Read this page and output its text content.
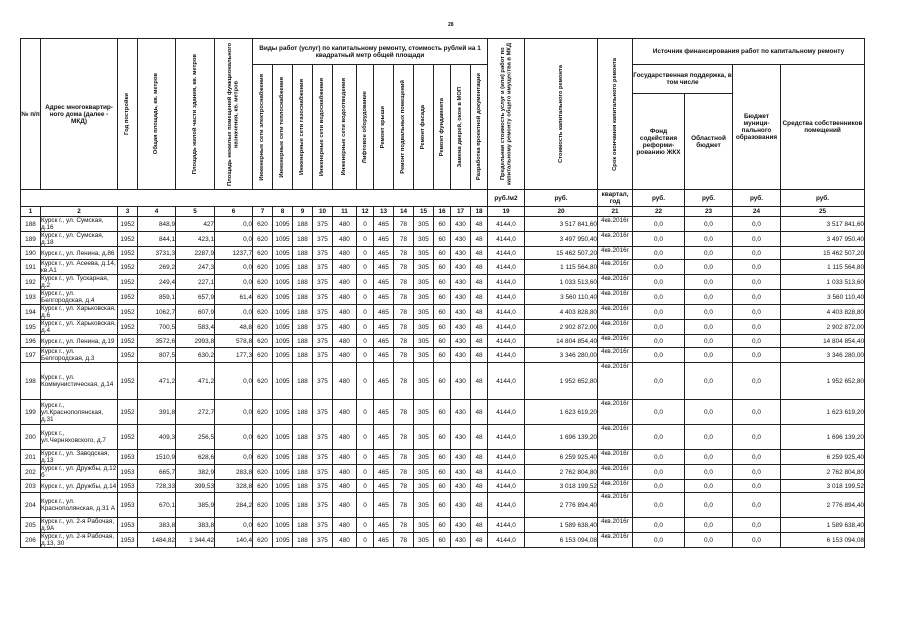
28
№ п/п	Адрес многоквартир-ного дома (далее - МКД)	Год постройки	Общая площадь, кв. метров	Площадь жилой части здания, кв. метров	Площадь нежилых помещений функционального назначения, кв. метров	Виды работ (услуг) по капитальному ремонту, стоимость рублей на 1 квадратный метр общей площади												Предельная стоимость услуг и (или) работ по капитальному ремонту общего имущества в МКД	Стоимость капитального ремонта	Срок окончания капитального ремонта	Источник финансирования работ по капитальному ремонту			

						Инженерные сети электроснабжения	Инженерные сети теплоснабжения	Инженерные сети газоснабжения	Инженерные сети водоснабжения	Инженерные сети водоотведения	Лифтовое оборудование	Ремонт крыши	Ремонт подвальных помещений	Ремонт фасада	Ремонт фундамента	Замена дверей, окон в МОП	Разработка проектной документации				Государственная поддержка, в том числе		Бюджет муници-пального образования	Средства собственников помещений
																					Фонд содействия реформи-рованию ЖКХ	Областной бюджет		
																		руб./м2	руб.	квартал, год	руб.	руб.	руб.	руб.
1	2	3	4	5	6	7	8	9	10	11	12	13	14	15	16	17	18	19	20	21	22	23	24	25
188	Курск г., ул. Сумская, д.16	1952	848,9	427	0,0	620	1095	188	375	480	0	465	78	305	60	430	48	4144,0	3 517 841,60	4кв.2016г	0,0	0,0	0,0	3 517 841,60
189	Курск г., ул. Сумская, д.18	1952	844,1	423,1	0,0	620	1095	188	375	480	0	465	78	305	60	430	48	4144,0	3 497 950,40	4кв.2016г	0,0	0,0	0,0	3 497 950,40
190	Курск г., ул. Ленина, д.86	1952	3731,3	2287,9	1237,7	620	1095	188	375	480	0	465	78	305	60	430	48	4144,0	15 462 507,20	4кв.2016г	0,0	0,0	0,0	15 462 507,20
191	Курск г., ул. Асеева, д.14, кв.А1	1952	269,2	247,3	0,0	620	1095	188	375	480	0	465	78	305	60	430	48	4144,0	1 115 564,80	4кв.2016г	0,0	0,0	0,0	1 115 564,80
192	Курск г., ул. Тускарная, д.2	1952	249,4	227,1	0,0	620	1095	188	375	480	0	465	78	305	60	430	48	4144,0	1 033 513,60	4кв.2016г	0,0	0,0	0,0	1 033 513,60
193	Курск г., ул. Белгородская, д.4	1952	859,1	657,9	61,4	620	1095	188	375	480	0	465	78	305	60	430	48	4144,0	3 560 110,40	4кв.2016г	0,0	0,0	0,0	3 560 110,40
194	Курск г., ул. Харьковская, д.6	1952	1062,7	607,9	0,0	620	1095	188	375	480	0	465	78	305	60	430	48	4144,0	4 403 828,80	4кв.2016г	0,0	0,0	0,0	4 403 828,80
195	Курск г., ул. Харьковская, д.4	1952	700,5	583,4	48,8	620	1095	188	375	480	0	465	78	305	60	430	48	4144,0	2 902 872,00	4кв.2016г	0,0	0,0	0,0	2 902 872,00
196	Курск г., ул. Ленина, д.19	1952	3572,6	2993,8	578,8	620	1095	188	375	480	0	465	78	305	60	430	48	4144,0	14 804 854,40	4кв.2016г	0,0	0,0	0,0	14 804 854,40
197	Курск г., ул. Белгородская, д.3	1952	807,5	630,2	177,3	620	1095	188	375	480	0	465	78	305	60	430	48	4144,0	3 346 280,00	4кв.2016г	0,0	0,0	0,0	3 346 280,00
198	Курск г., ул. Коммунистическая, д.14	1952	471,2	471,2	0,0	620	1095	188	375	480	0	465	78	305	60	430	48	4144,0	1 952 652,80	4кв.2016г	0,0	0,0	0,0	1 952 652,80
199	Курск г., ул.Краснополянская, д.31	1952	391,8	272,7	0,0	620	1095	188	375	480	0	465	78	305	60	430	48	4144,0	1 623 619,20	4кв.2016г	0,0	0,0	0,0	1 623 619,20
200	Курск г., ул.Черняховского, д.7	1952	409,3	256,5	0,0	620	1095	188	375	480	0	465	78	305	60	430	48	4144,0	1 696 139,20	4кв.2016г	0,0	0,0	0,0	1 696 139,20
201	Курск г., ул. Заводская, д.13	1953	1510,9	628,6	0,0	620	1095	188	375	480	0	465	78	305	60	430	48	4144,0	6 259 925,40	4кв.2016г	0,0	0,0	0,0	6 259 925,40
202	Курск г., ул. Дружбы, д.12 б	1953	665,7	382,9	283,8	620	1095	188	375	480	0	465	78	305	60	430	48	4144,0	2 762 804,80	4кв.2016г	0,0	0,0	0,0	2 762 804,80
203	Курск г., ул. Дружбы, д.14	1953	728,33	399,53	328,8	620	1095	188	375	480	0	465	78	305	60	430	48	4144,0	3 018 199,52	4кв.2016г	0,0	0,0	0,0	3 018 199,52
204	Курск г., ул. Краснополянская, д.31 А	1953	670,1	385,9	284,2	620	1095	188	375	480	0	465	78	305	60	430	48	4144,0	2 776 894,40	4кв.2016г	0,0	0,0	0,0	2 776 894,40
205	Курск г., ул. 2-я Рабочая, д.9А	1953	383,8	383,8	0,0	620	1095	188	375	480	0	465	78	305	60	430	48	4144,0	1 589 638,40	4кв.2016г	0,0	0,0	0,0	1 589 638,40
206	Курск г., ул. 2-я Рабочая, д.13, 30	1953	1484,82	1 344,42	140,4	620	1095	188	375	480	0	465	78	305	60	430	48	4144,0	6 153 094,08	4кв.2016г	0,0	0,0	0,0	6 153 094,08
